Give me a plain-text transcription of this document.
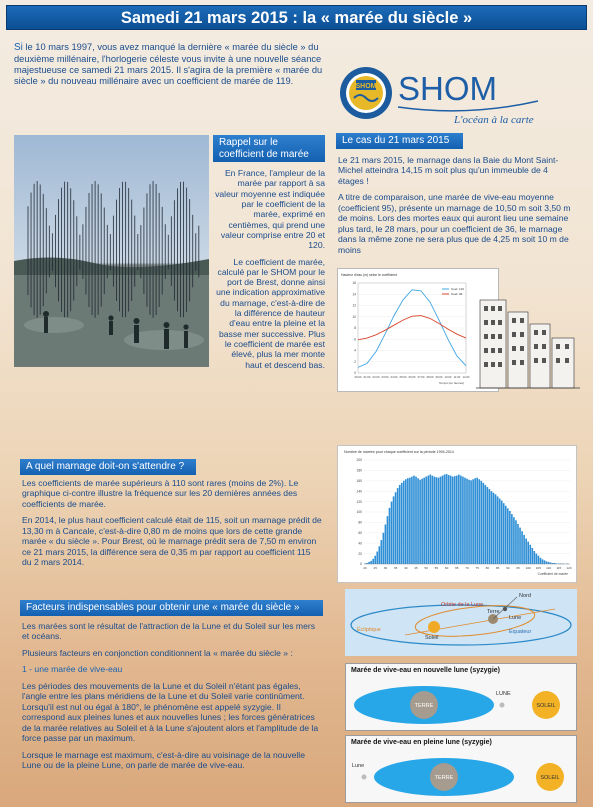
Samedi 21 mars 2015 : la « marée du siècle »
Si le 10 mars 1997, vous avez manqué la dernière « marée du siècle » du deuxième millénaire, l'horlogerie céleste vous invite à une nouvelle séance majestueuse ce samedi 21 mars 2015. Il s'agira de la première « marée du siècle » du nouveau millénaire avec un coefficient de marée de 119.
SHOM SHOM
L'océan à la carte
Rappel sur le coefficient de marée

En France, l'ampleur de la marée par rapport à sa valeur moyenne est indiquée par le coefficient de la marée, exprimé en centièmes, qui prend une valeur comprise entre 20 et 120.

Le coefficient de marée, calculé par le SHOM pour le port de Brest, donne ainsi une indication approximative du marnage, c'est-à-dire de la différence de hauteur d'eau entre la pleine et la basse mer successive. Plus le coefficient de marée est élevé, plus la mer monte haut et descend bas.

Le cas du 21 mars 2015

Le 21 mars 2015, le marnage dans la Baie du Mont Saint-Michel atteindra 14,15 m soit plus qu'un immeuble de 4 étages !

A titre de comparaison, une marée de vive-eau moyenne (coefficient 95), présente un marnage de 10,50 m soit 3,50 m de moins. Lors des mortes eaux qui auront lieu une semaine plus tard, le 28 mars, pour un coefficient de 36, le marnage dans la même zone ne sera plus que de 4,25 m soit 10 m de moins

Hauteur d'eau (m) selon le coefficient
0
2
4
6
8
10
12
14
16
00:00 01:00 02:00 03:00 04:00 05:00 06:00 07:00 08:00 09:00 10:00 11:00 12:00
Temps (en heures)
Coef. 119
Coef. 36
A quel marnage doit-on s'attendre ?

Les coefficients de marée supérieurs à 110 sont rares (moins de 2%). Le graphique ci-contre illustre la fréquence sur les 20 dernières années des coefficients de marée.

En 2014, le plus haut coefficient calculé était de 115, soit un marnage prédit de 13,30 m à Cancale, c'est-à-dire 0,80 m de moins que lors de cette grande marée « du siècle ». Pour Brest, où le marnage prédit sera de 7,50 m environ ce 21 mars 2015, la différence sera de 0,35 m par rapport au coefficient 115 du 2 mars 2014.

Nombre de marées pour chaque coefficient sur la période 1994-2014
0
20
40
60
80
100
120
140
160
180
200
20 25 30 35 40 45 50 55 60 65 70 75 80 85 90 95 100 105 110 115 120
Coefficient de marée
Facteurs indispensables pour obtenir une « marée du siècle »

Les marées sont le résultat de l'attraction de la Lune et du Soleil sur les mers et océans.

Plusieurs facteurs en conjonction conditionnent la « marée du siècle » :

1 - une marée de vive-eau

Les périodes des mouvements de la Lune et du Soleil n'étant pas égales, l'angle entre les plans méridiens de la Lune et du Soleil varie continûment. Lorsqu'il est nul ou égal à 180°, le phénomène est appelé syzygie. Il correspond aux pleines lunes et aux nouvelles lunes ; les forces génératrices de la marée relatives au Soleil et à la Lune s'ajoutent alors et l'amplitude de la force passe par un maximum.

Lorsque le marnage est maximum, c'est-à-dire au voisinage de la nouvelle Lune ou de la pleine Lune, on parle de marée de vive-eau.

Orbite de la Lune
Terre
Soleil
Lune
Nord
Equateur
Écliptique
Marée de vive-eau en nouvelle lune (syzygie)
TERRE
LUNE
SOLEIL
Marée de vive-eau en pleine lune (syzygie)
TERRE
Lune
SOLEIL
